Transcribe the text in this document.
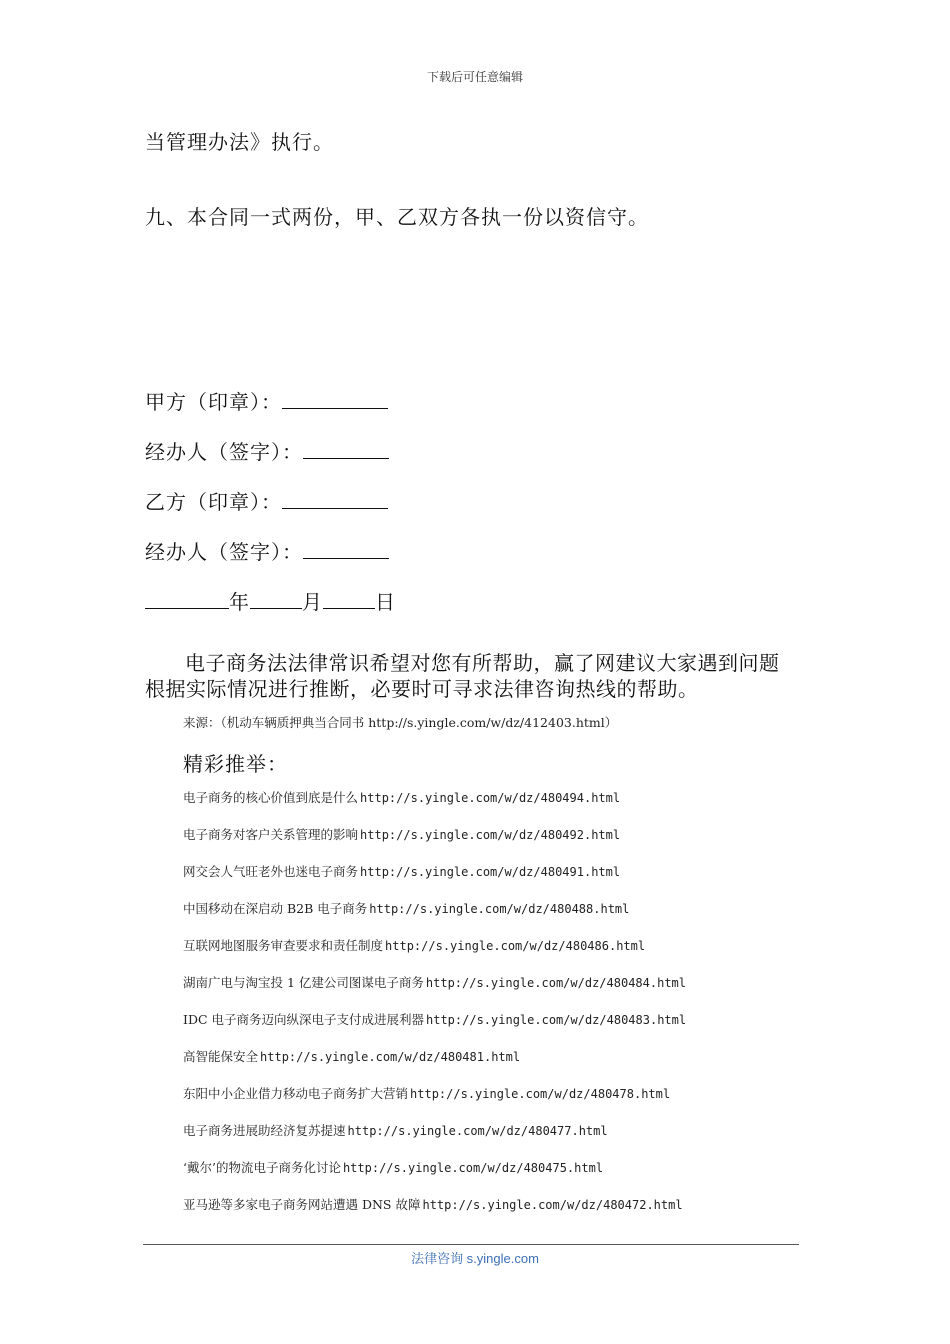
下载后可任意编辑
当管理办法》执行。
九、本合同一式两份，甲、乙双方各执一份以资信守。
甲方（印章）：
经办人（签字）：
乙方（印章）：
经办人（签字）：
年	月	日
电子商务法法律常识希望对您有所帮助，赢了网建议大家遇到问题根据实际情况进行推断，必要时可寻求法律咨询热线的帮助。
来源：（机动车辆质押典当合同书 http://s.yingle.com/w/dz/412403.html）
精彩推举：
电子商务的核心价值到底是什么 http://s.yingle.com/w/dz/480494.html
电子商务对客户关系管理的影响 http://s.yingle.com/w/dz/480492.html
网交会人气旺老外也迷电子商务 http://s.yingle.com/w/dz/480491.html
中国移动在深启动 B2B 电子商务 http://s.yingle.com/w/dz/480488.html
互联网地图服务审查要求和责任制度 http://s.yingle.com/w/dz/480486.html
湖南广电与淘宝投 1 亿建公司图谋电子商务 http://s.yingle.com/w/dz/480484.html
IDC 电子商务迈向纵深电子支付成进展利器 http://s.yingle.com/w/dz/480483.html
高智能保安全 http://s.yingle.com/w/dz/480481.html
东阳中小企业借力移动电子商务扩大营销 http://s.yingle.com/w/dz/480478.html
电子商务进展助经济复苏提速 http://s.yingle.com/w/dz/480477.html
‘戴尔’的物流电子商务化讨论 http://s.yingle.com/w/dz/480475.html
亚马逊等多家电子商务网站遭遇 DNS 故障 http://s.yingle.com/w/dz/480472.html
法律咨询 s.yingle.com
